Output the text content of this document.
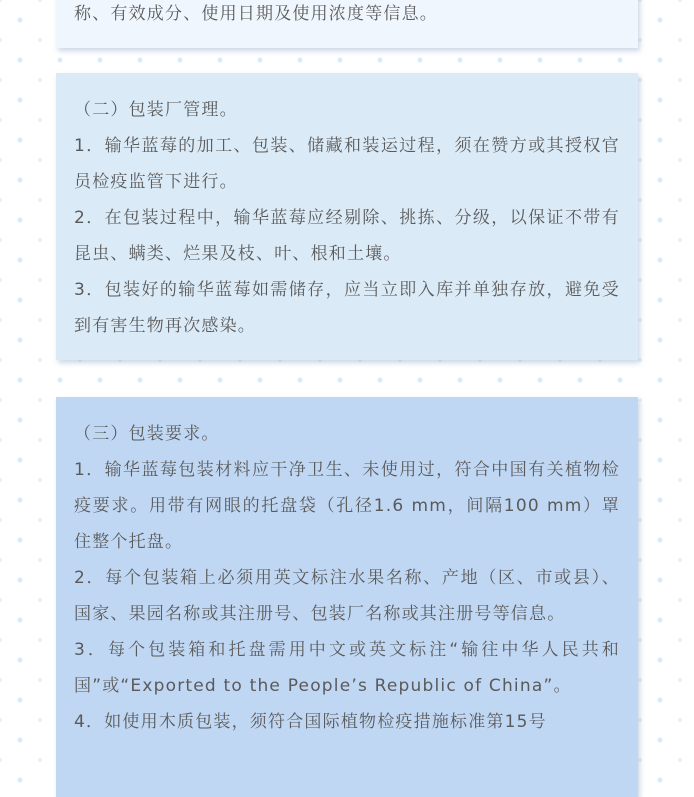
称、有效成分、使用日期及使用浓度等信息。

（二）包装厂管理。

1．输华蓝莓的加工、包装、储藏和装运过程，须在赞方或其授权官员检疫监管下进行。

2．在包装过程中，输华蓝莓应经剔除、挑拣、分级，以保证不带有昆虫、螨类、烂果及枝、叶、根和土壤。

3．包装好的输华蓝莓如需储存，应当立即入库并单独存放，避免受到有害生物再次感染。

（三）包装要求。

1．输华蓝莓包装材料应干净卫生、未使用过，符合中国有关植物检疫要求。用带有网眼的托盘袋（孔径1.6 mm，间隔100 mm）罩住整个托盘。

2．每个包装箱上必须用英文标注水果名称、产地（区、市或县）、国家、果园名称或其注册号、包装厂名称或其注册号等信息。

3．每个包装箱和托盘需用中文或英文标注“输往中华人民共和国”或“Exported to the People’s Republic of China”。

4．如使用木质包装，须符合国际植物检疫措施标准第15号
